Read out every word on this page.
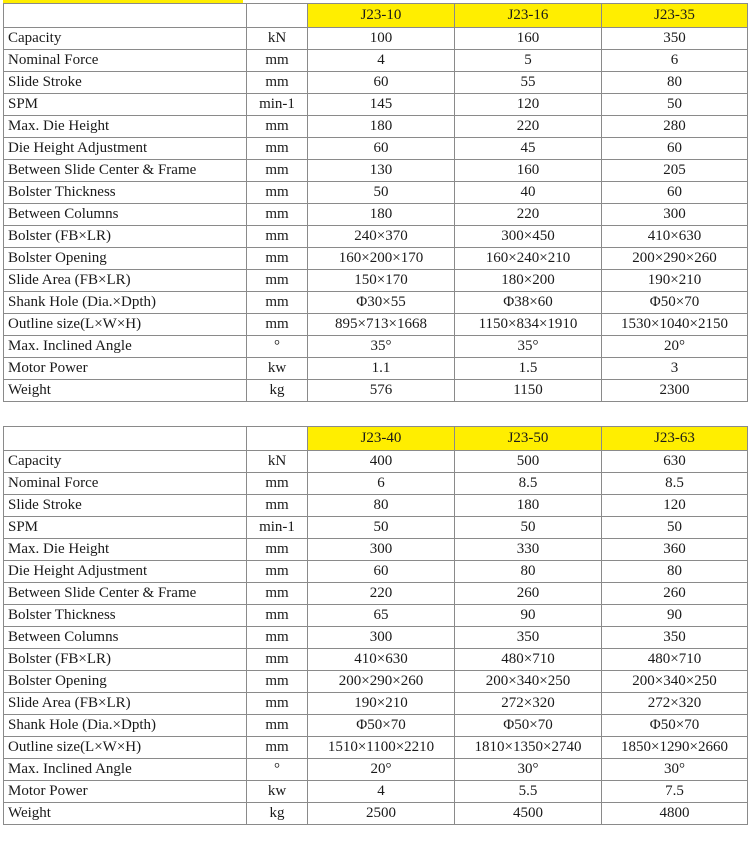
		J23-10	J23-16	J23-35
Capacity	kN	100	160	350
Nominal Force	mm	4	5	6
Slide Stroke	mm	60	55	80
SPM	min-1	145	120	50
Max. Die Height	mm	180	220	280
Die Height Adjustment	mm	60	45	60
Between Slide Center & Frame	mm	130	160	205
Bolster Thickness	mm	50	40	60
Between Columns	mm	180	220	300
Bolster (FB×LR)	mm	240×370	300×450	410×630
Bolster Opening	mm	160×200×170	160×240×210	200×290×260
Slide Area (FB×LR)	mm	150×170	180×200	190×210
Shank Hole (Dia.×Dpth)	mm	Φ30×55	Φ38×60	Φ50×70
Outline size(L×W×H)	mm	895×713×1668	1150×834×1910	1530×1040×2150
Max. Inclined Angle	°	35°	35°	20°
Motor Power	kw	1.1	1.5	3
Weight	kg	576	1150	2300
		J23-40	J23-50	J23-63
Capacity	kN	400	500	630
Nominal Force	mm	6	8.5	8.5
Slide Stroke	mm	80	180	120
SPM	min-1	50	50	50
Max. Die Height	mm	300	330	360
Die Height Adjustment	mm	60	80	80
Between Slide Center & Frame	mm	220	260	260
Bolster Thickness	mm	65	90	90
Between Columns	mm	300	350	350
Bolster (FB×LR)	mm	410×630	480×710	480×710
Bolster Opening	mm	200×290×260	200×340×250	200×340×250
Slide Area (FB×LR)	mm	190×210	272×320	272×320
Shank Hole (Dia.×Dpth)	mm	Φ50×70	Φ50×70	Φ50×70
Outline size(L×W×H)	mm	1510×1100×2210	1810×1350×2740	1850×1290×2660
Max. Inclined Angle	°	20°	30°	30°
Motor Power	kw	4	5.5	7.5
Weight	kg	2500	4500	4800
